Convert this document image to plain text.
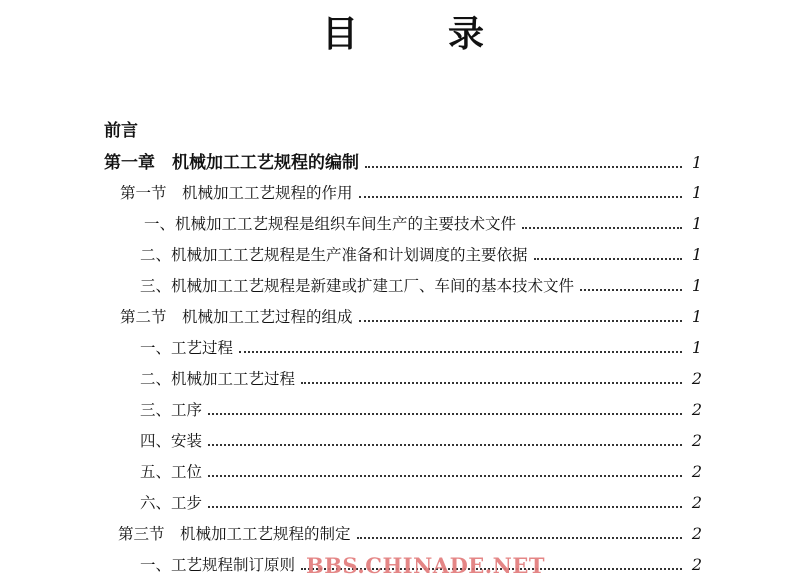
目 录
前言
第一章　机械加工工艺规程的编制	1
第一节　机械加工工艺规程的作用	1
一、机械加工工艺规程是组织车间生产的主要技术文件	1
二、机械加工工艺规程是生产准备和计划调度的主要依据	1
三、机械加工工艺规程是新建或扩建工厂、车间的基本技术文件	1
第二节　机械加工工艺过程的组成	1
一、工艺过程	1
二、机械加工工艺过程	2
三、工序	2
四、安装	2
五、工位	2
六、工步	2
第三节　机械加工工艺规程的制定	2
一、工艺规程制订原则	2
BBS.CHINADE.NET
